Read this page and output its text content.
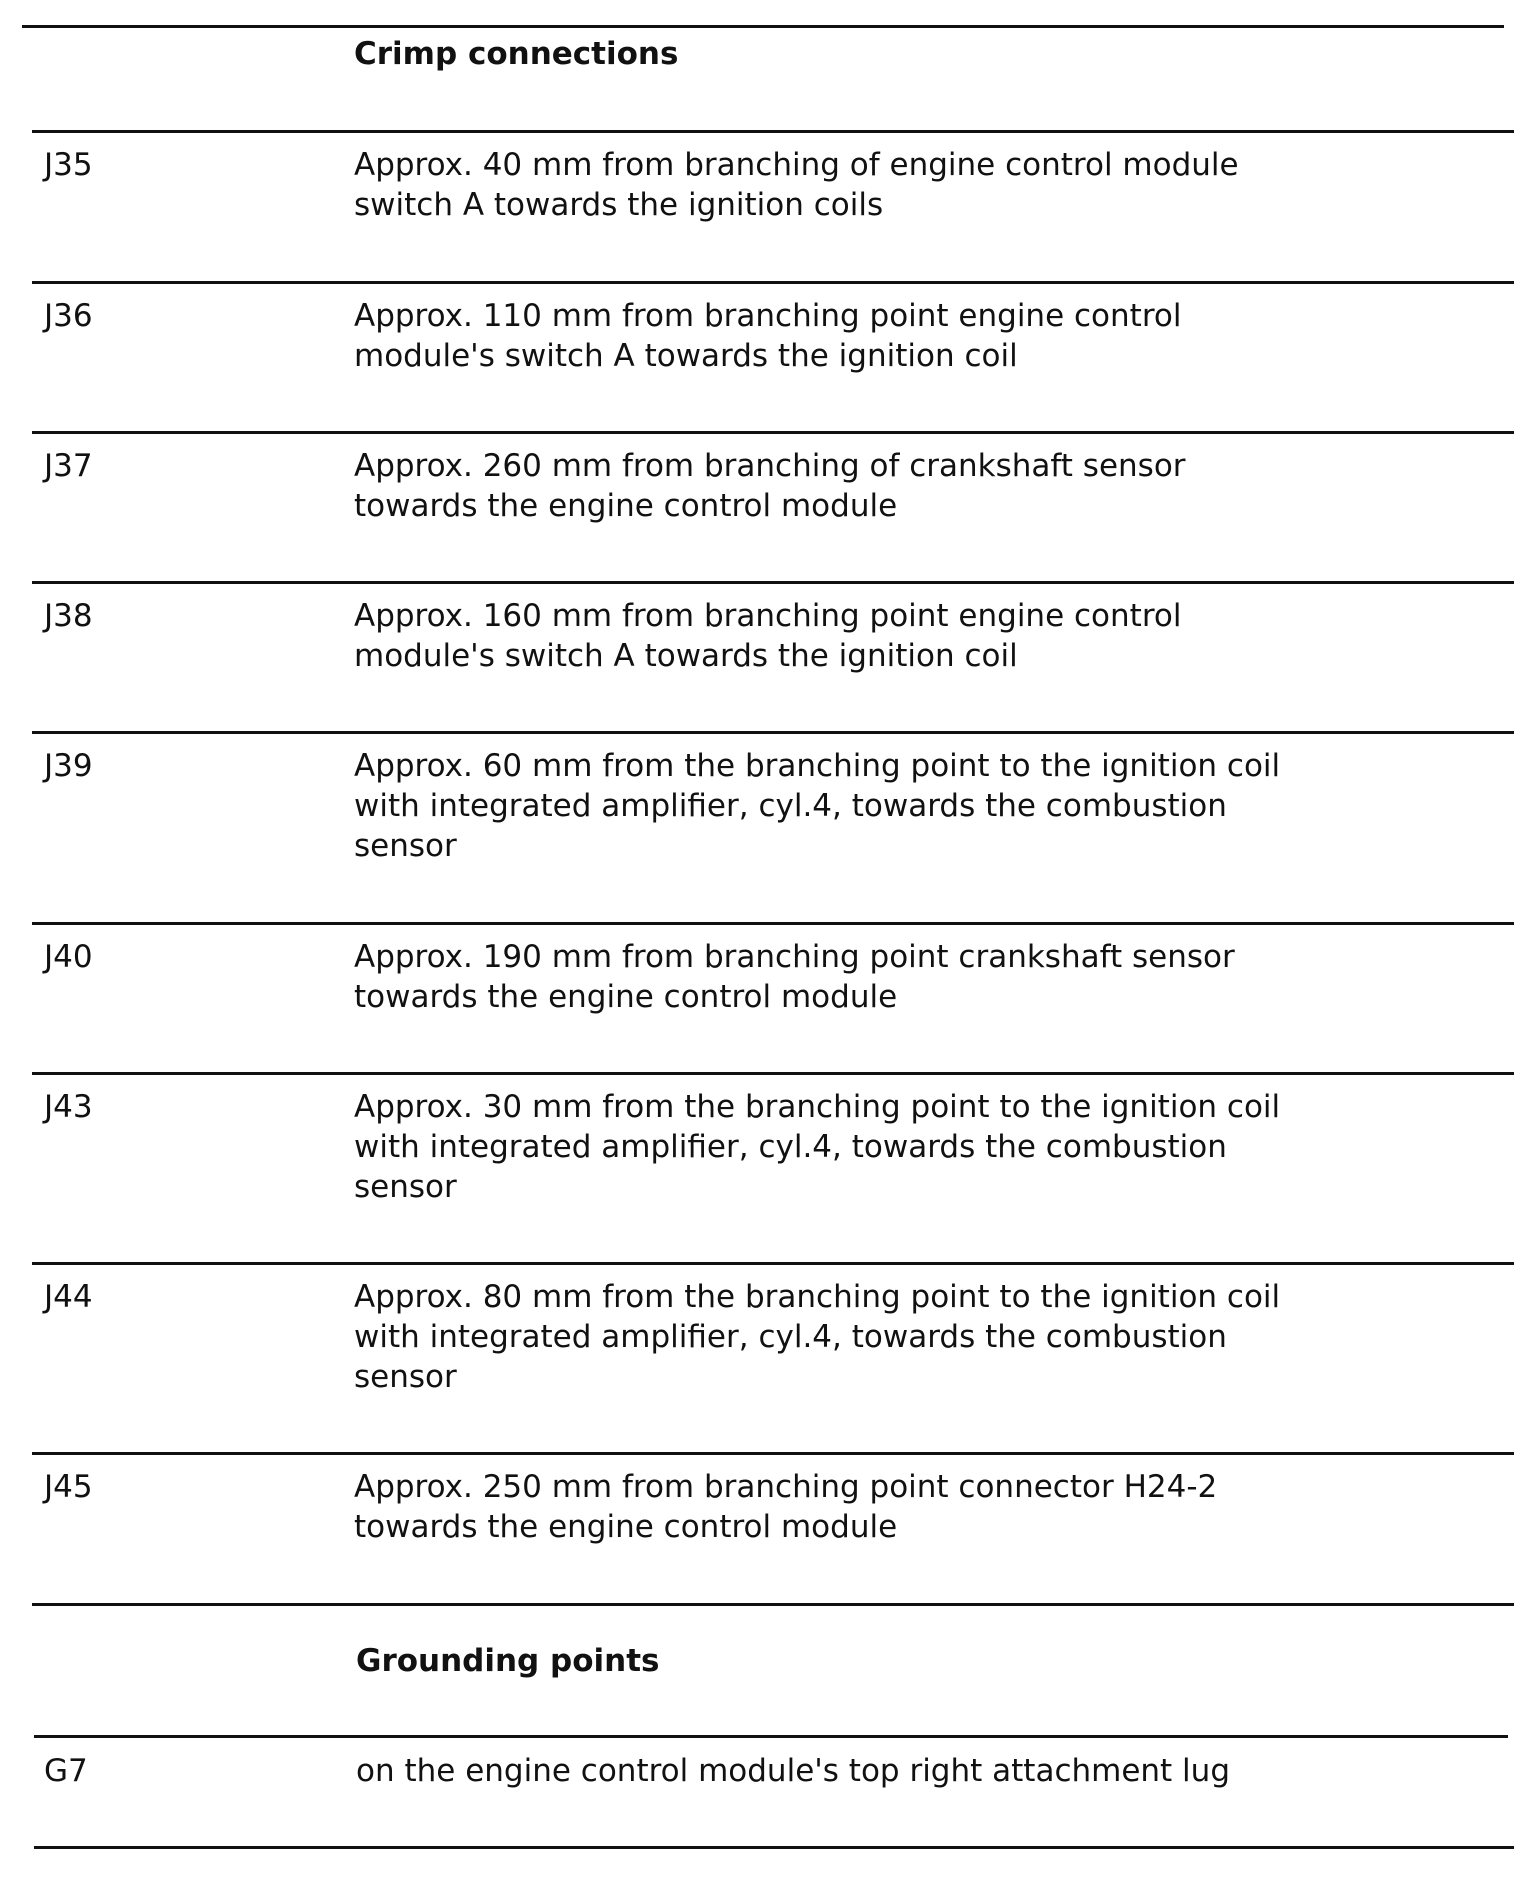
Crimp connections
J35	Approx. 40 mm from branching of engine control module switch A towards the ignition coils
J36	Approx. 110 mm from branching point engine control module's switch A towards the ignition coil
J37	Approx. 260 mm from branching of crankshaft sensor towards the engine control module
J38	Approx. 160 mm from branching point engine control module's switch A towards the ignition coil
J39	Approx. 60 mm from the branching point to the ignition coil with integrated amplifier, cyl.4, towards the combustion sensor
J40	Approx. 190 mm from branching point crankshaft sensor towards the engine control module
J43	Approx. 30 mm from the branching point to the ignition coil with integrated amplifier, cyl.4, towards the combustion sensor
J44	Approx. 80 mm from the branching point to the ignition coil with integrated amplifier, cyl.4, towards the combustion sensor
J45	Approx. 250 mm from branching point connector H24-2 towards the engine control module
Grounding points
G7	on the engine control module's top right attachment lug
